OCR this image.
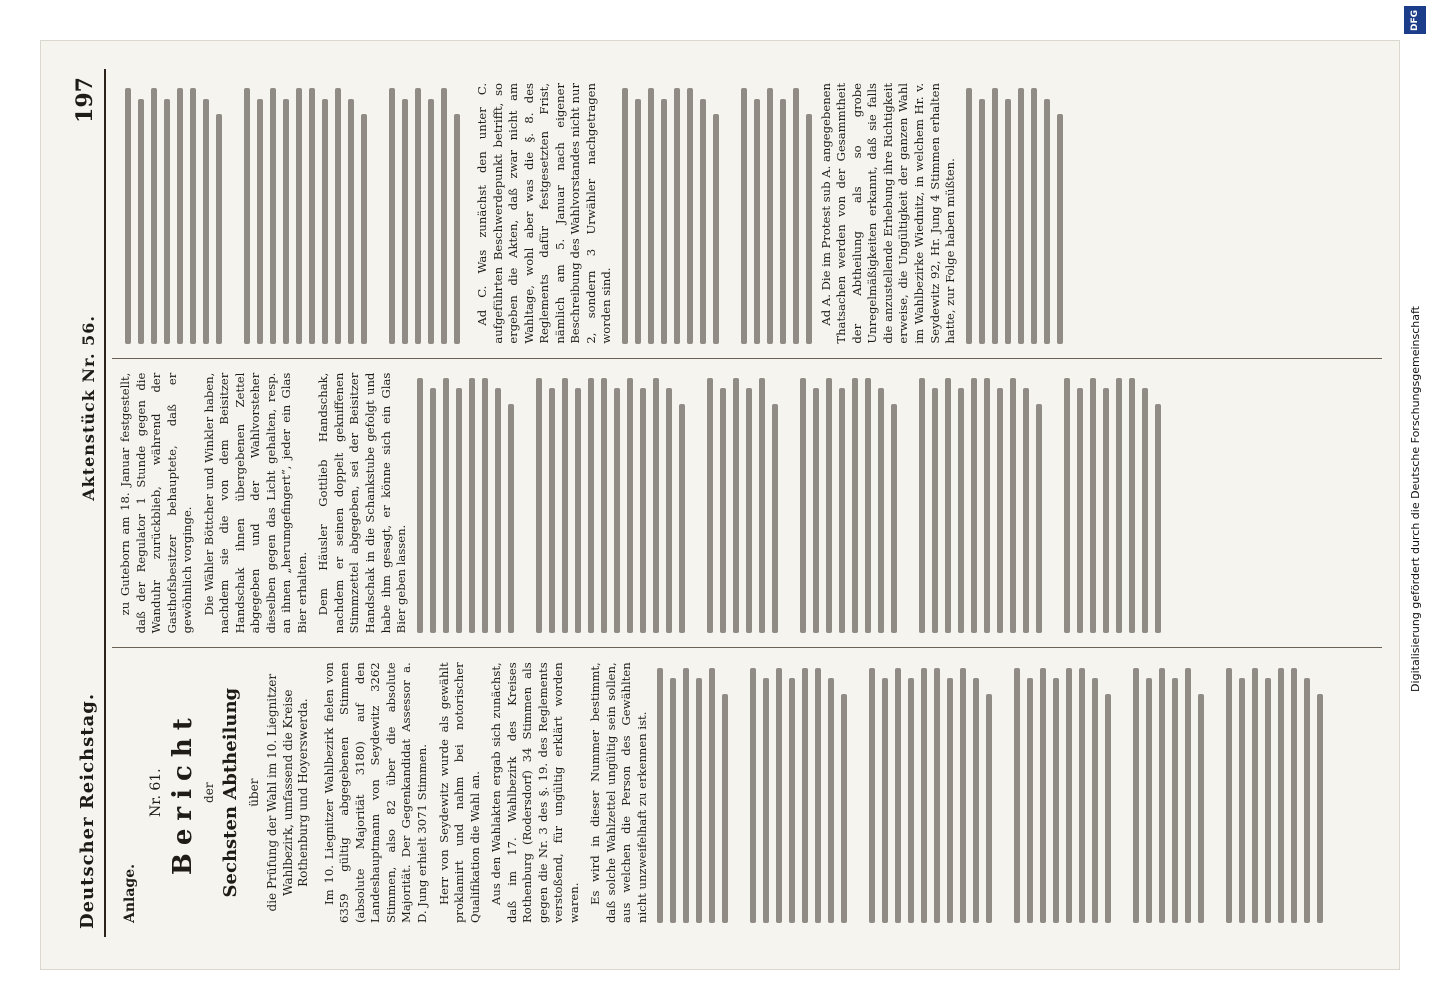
Deutscher Reichstag.
Aktenstück Nr. 56.
197
Anlage.
Nr. 61. Bericht der Sechsten Abtheilung über die Prüfung der Wahl im 10. Liegnitzer Wahlbezirk, umfassend die Kreise Rothenburg und Hoyerswerda. Im 10. Liegnitzer Wahlbezirk fielen von 6359 gültig abgegebenen Stimmen (absolute Majorität 3180) auf den Landeshauptmann von Seydewitz 3262 Stimmen, also 82 über die absolute Majorität. Der Gegenkandidat Assessor a. D. Jung erhielt 3071 Stimmen. Herr von Seydewitz wurde als gewählt proklamirt und nahm bei notorischer Qualifikation die Wahl an. Aus den Wahlakten ergab sich zunächst, daß im 17. Wahlbezirk des Kreises Rothenburg (Rodersdorf) 34 Stimmen als gegen die Nr. 3 des §. 19. des Reglements verstoßend, für ungültig erklärt worden waren. Es wird in dieser Nummer bestimmt, daß solche Wahlzettel ungültig sein sollen, aus welchen die Person des Gewählten nicht unzweifelhaft zu erkennen ist.

zu Guteborn am 18. Januar festgestellt, daß der Regulator 1 Stunde gegen die Wanduhr zurückblieb, während der Gasthofsbesitzer behauptete, daß er gewöhnlich vorginge. Die Wähler Böttcher und Winkler haben, nachdem sie die von dem Beisitzer Handschak ihnen übergebenen Zettel abgegeben und der Wahlvorsteher dieselben gegen das Licht gehalten, resp. an ihnen „herumgefingert“, jeder ein Glas Bier erhalten. Dem Häusler Gottlieb Handschak, nachdem er seinen doppelt gekniffenen Stimmzettel abgegeben, sei der Beisitzer Handschak in die Schankstube gefolgt und habe ihm gesagt, er könne sich ein Glas Bier geben lassen.

Ad C. Was zunächst den unter C. aufgeführten Beschwerdepunkt betrifft, so ergeben die Akten, daß zwar nicht am Wahltage, wohl aber was die §. 8. des Reglements dafür festgesetzten Frist, nämlich am 5. Januar nach eigener Beschreibung des Wahlvorstandes nicht nur 2, sondern 3 Urwähler nachgetragen worden sind.	Ad A. Die im Protest sub A. angegebenen Thatsachen werden von der Gesammtheit der Abtheilung als so grobe Unregelmäßigkeiten erkannt, daß sie falls die anzustellende Erhebung ihre Richtigkeit erweise, die Ungültigkeit der ganzen Wahl im Wahlbezirke Wiednitz, in welchem Hr. v. Seydewitz 92, Hr. Jung 4 Stimmen erhalten hatte, zur Folge haben müßten.

DFG
Digitalisierung gefördert durch die Deutsche Forschungsgemeinschaft
